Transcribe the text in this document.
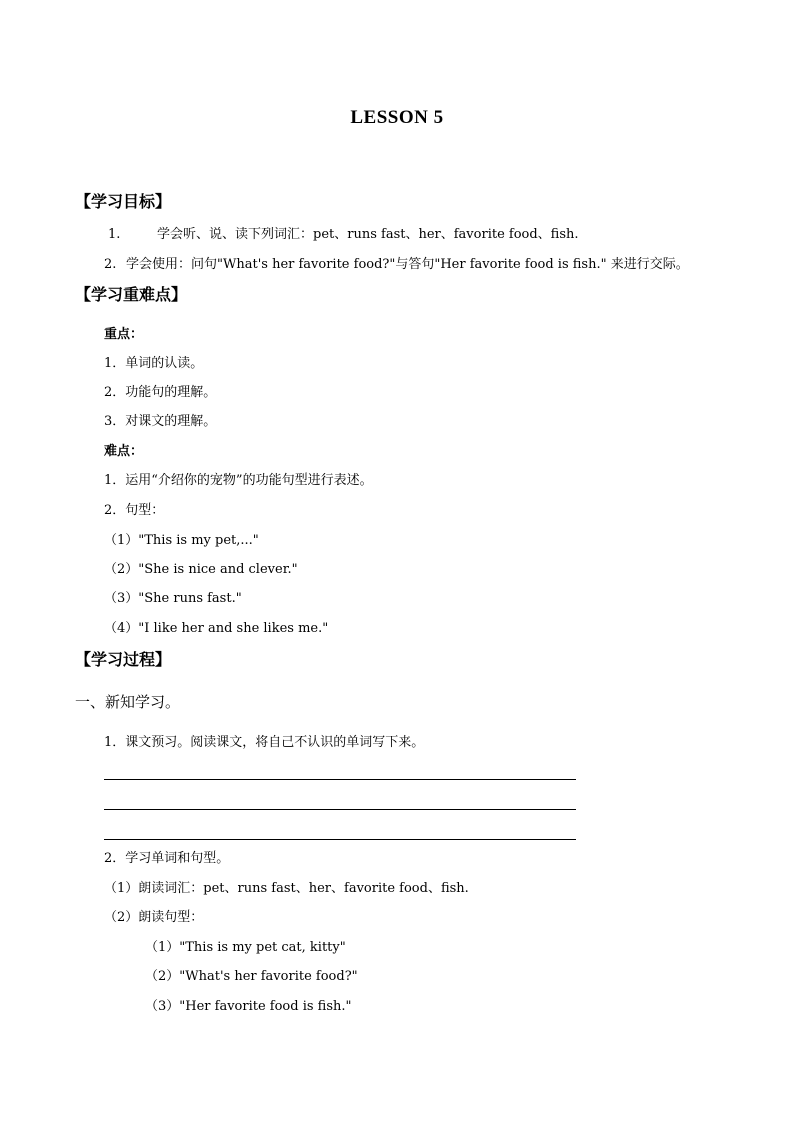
LESSON 5
【学习目标】
1.	学会听、说、读下列词汇：pet、runs fast、her、favorite food、fish.
2. 学会使用：问句"What's her favorite food?"与答句"Her favorite food is fish." 来进行交际。
【学习重难点】
重点：
1．单词的认读。
2．功能句的理解。
3．对课文的理解。
难点：
1．运用“介绍你的宠物”的功能句型进行表述。
2．句型：
（1）"This is my pet,..."
（2）"She is nice and clever."
（3）"She runs fast."
（4）"I like her and she likes me."
【学习过程】
一、新知学习。
1．课文预习。阅读课文，将自己不认识的单词写下来。
2．学习单词和句型。
（1）朗读词汇：pet、runs fast、her、favorite food、fish.
（2）朗读句型：
（1）"This is my pet cat, kitty"
（2）"What's her favorite food?"
（3）"Her favorite food is fish."
